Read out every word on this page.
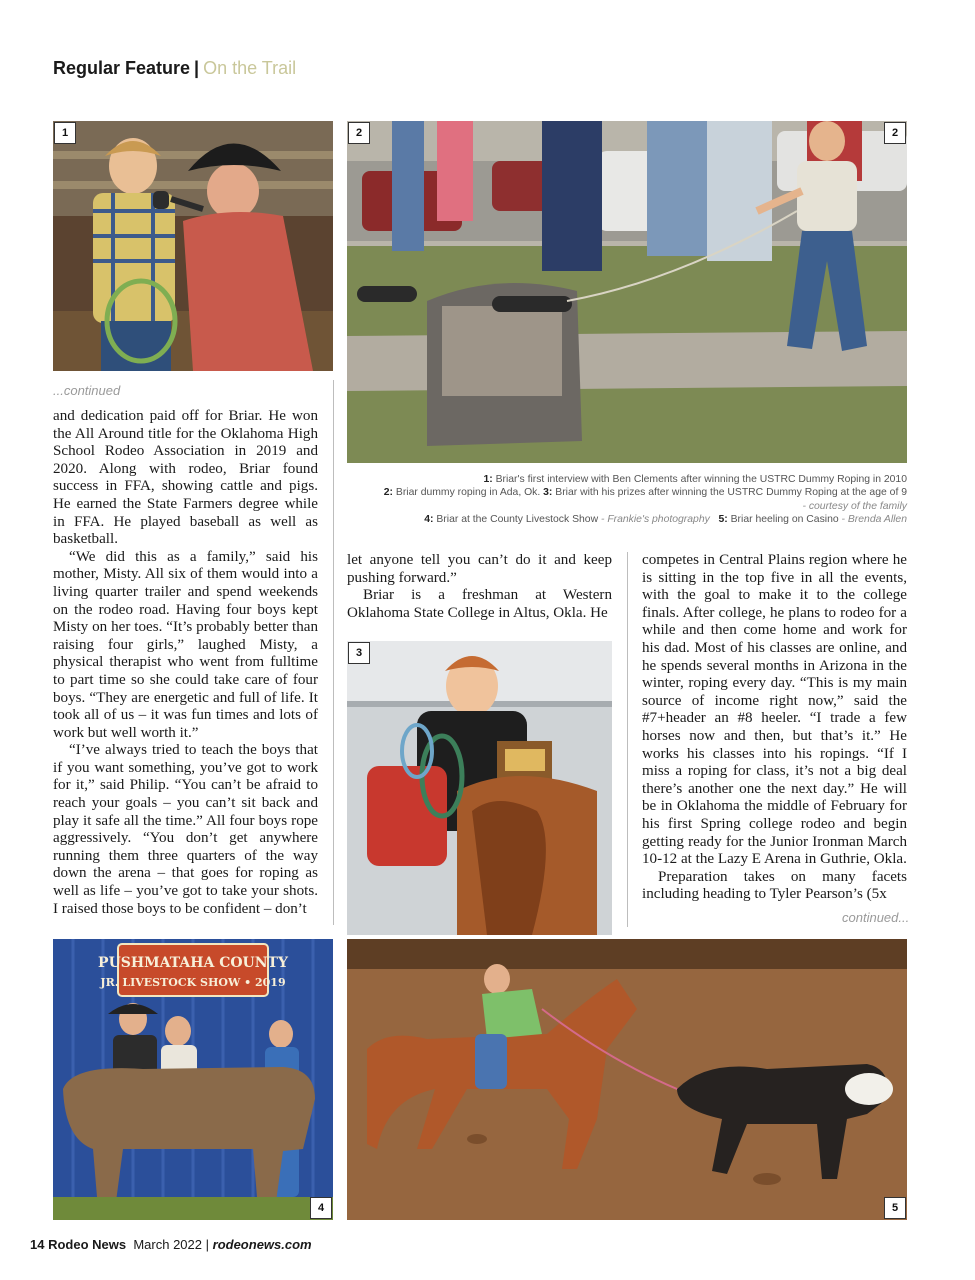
Regular Feature | On the Trail
1	2	2
...continued

and dedication paid off for Briar. He won the All Around title for the Oklahoma High School Rodeo Association in 2019 and 2020. Along with rodeo, Briar found success in FFA, showing cattle and pigs. He earned the State Farmers degree while in FFA. He played baseball as well as basketball.

“We did this as a family,” said his mother, Misty. All six of them would into a living quarter trailer and spend weekends on the rodeo road. Having four boys kept Misty on her toes. “It’s probably better than raising four girls,” laughed Misty, a physical therapist who went from fulltime to part time so she could take care of four boys. “They are energetic and full of life. It took all of us – it was fun times and lots of work but well worth it.”

“I’ve always tried to teach the boys that if you want something, you’ve got to work for it,” said Philip. “You can’t be afraid to reach your goals – you can’t sit back and play it safe all the time.” All four boys rope aggressively. “You don’t get anywhere running them three quarters of the way down the arena – that goes for roping as well as life – you’ve got to take your shots. I raised those boys to be confident – don’t

1: Briar's first interview with Ben Clements after winning the USTRC Dummy Roping in 2010
2: Briar dummy roping in Ada, Ok. 3: Briar with his prizes after winning the USTRC Dummy Roping at the age of 9
- courtesy of the family
4: Briar at the County Livestock Show - Frankie's photography 5: Briar heeling on Casino - Brenda Allen

let anyone tell you can’t do it and keep pushing forward.”

Briar is a freshman at Western Oklahoma State College in Altus, Okla. He

3

competes in Central Plains region where he is sitting in the top five in all the events, with the goal to make it to the college finals. After college, he plans to rodeo for a while and then come home and work for his dad. Most of his classes are online, and he spends several months in Arizona in the winter, roping every day. “This is my main source of income right now,” said the #7+header an #8 heeler. “I trade a few horses now and then, but that’s it.” He works his classes into his ropings. “If I miss a roping for class, it’s not a big deal there’s another one the next day.” He will be in Oklahoma the middle of February for his first Spring college rodeo and begin getting ready for the Junior Ironman March 10-12 at the Lazy E Arena in Guthrie, Okla.

Preparation takes on many facets including heading to Tyler Pearson’s (5x

continued...
PUSHMATAHA COUNTY
JR. LIVESTOCK SHOW • 2019
4	5
14 Rodeo News March 2022 | rodeonews.com
